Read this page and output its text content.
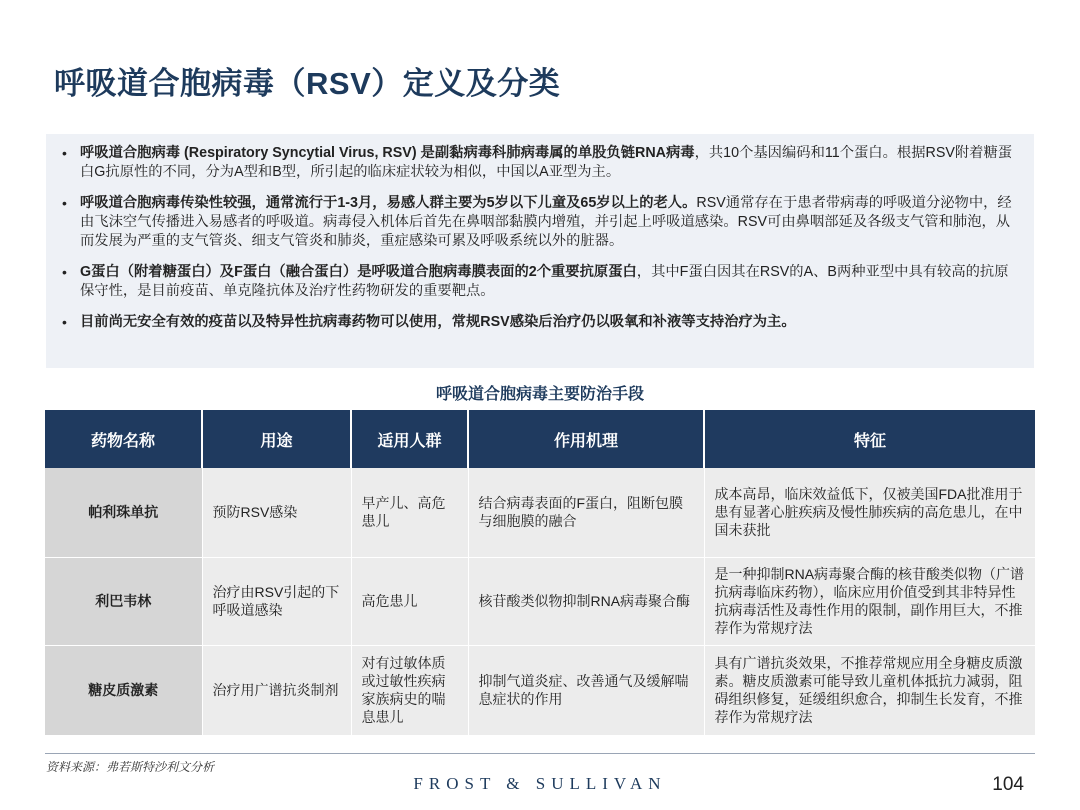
呼吸道合胞病毒（RSV）定义及分类
• 呼吸道合胞病毒 (Respiratory Syncytial Virus, RSV) 是副黏病毒科肺病毒属的单股负链RNA病毒，共10个基因编码和11个蛋白。根据RSV附着糖蛋白G抗原性的不同，分为A型和B型，所引起的临床症状较为相似，中国以A亚型为主。
• 呼吸道合胞病毒传染性较强，通常流行于1-3月，易感人群主要为5岁以下儿童及65岁以上的老人。RSV通常存在于患者带病毒的呼吸道分泌物中，经由飞沫空气传播进入易感者的呼吸道。病毒侵入机体后首先在鼻咽部黏膜内增殖，并引起上呼吸道感染。RSV可由鼻咽部延及各级支气管和肺泡，从而发展为严重的支气管炎、细支气管炎和肺炎，重症感染可累及呼吸系统以外的脏器。
• G蛋白（附着糖蛋白）及F蛋白（融合蛋白）是呼吸道合胞病毒膜表面的2个重要抗原蛋白，其中F蛋白因其在RSV的A、B两种亚型中具有较高的抗原保守性，是目前疫苗、单克隆抗体及治疗性药物研发的重要靶点。
• 目前尚无安全有效的疫苗以及特异性抗病毒药物可以使用，常规RSV感染后治疗仍以吸氧和补液等支持治疗为主。
呼吸道合胞病毒主要防治手段
药物名称	用途	适用人群	作用机理	特征
帕利珠单抗	预防RSV感染	早产儿、高危患儿	结合病毒表面的F蛋白，阻断包膜与细胞膜的融合	成本高昂，临床效益低下，仅被美国FDA批准用于患有显著心脏疾病及慢性肺疾病的高危患儿，在中国未获批
利巴韦林	治疗由RSV引起的下呼吸道感染	高危患儿	核苷酸类似物抑制RNA病毒聚合酶	是一种抑制RNA病毒聚合酶的核苷酸类似物（广谱抗病毒临床药物），临床应用价值受到其非特异性抗病毒活性及毒性作用的限制，副作用巨大，不推荐作为常规疗法
糖皮质激素	治疗用广谱抗炎制剂	对有过敏体质或过敏性疾病家族病史的喘息患儿	抑制气道炎症、改善通气及缓解喘息症状的作用	具有广谱抗炎效果，不推荐常规应用全身糖皮质激素。糖皮质激素可能导致儿童机体抵抗力减弱，阻碍组织修复，延缓组织愈合，抑制生长发育，不推荐作为常规疗法
资料来源：弗若斯特沙利文分析
FROST & SULLIVAN	104
